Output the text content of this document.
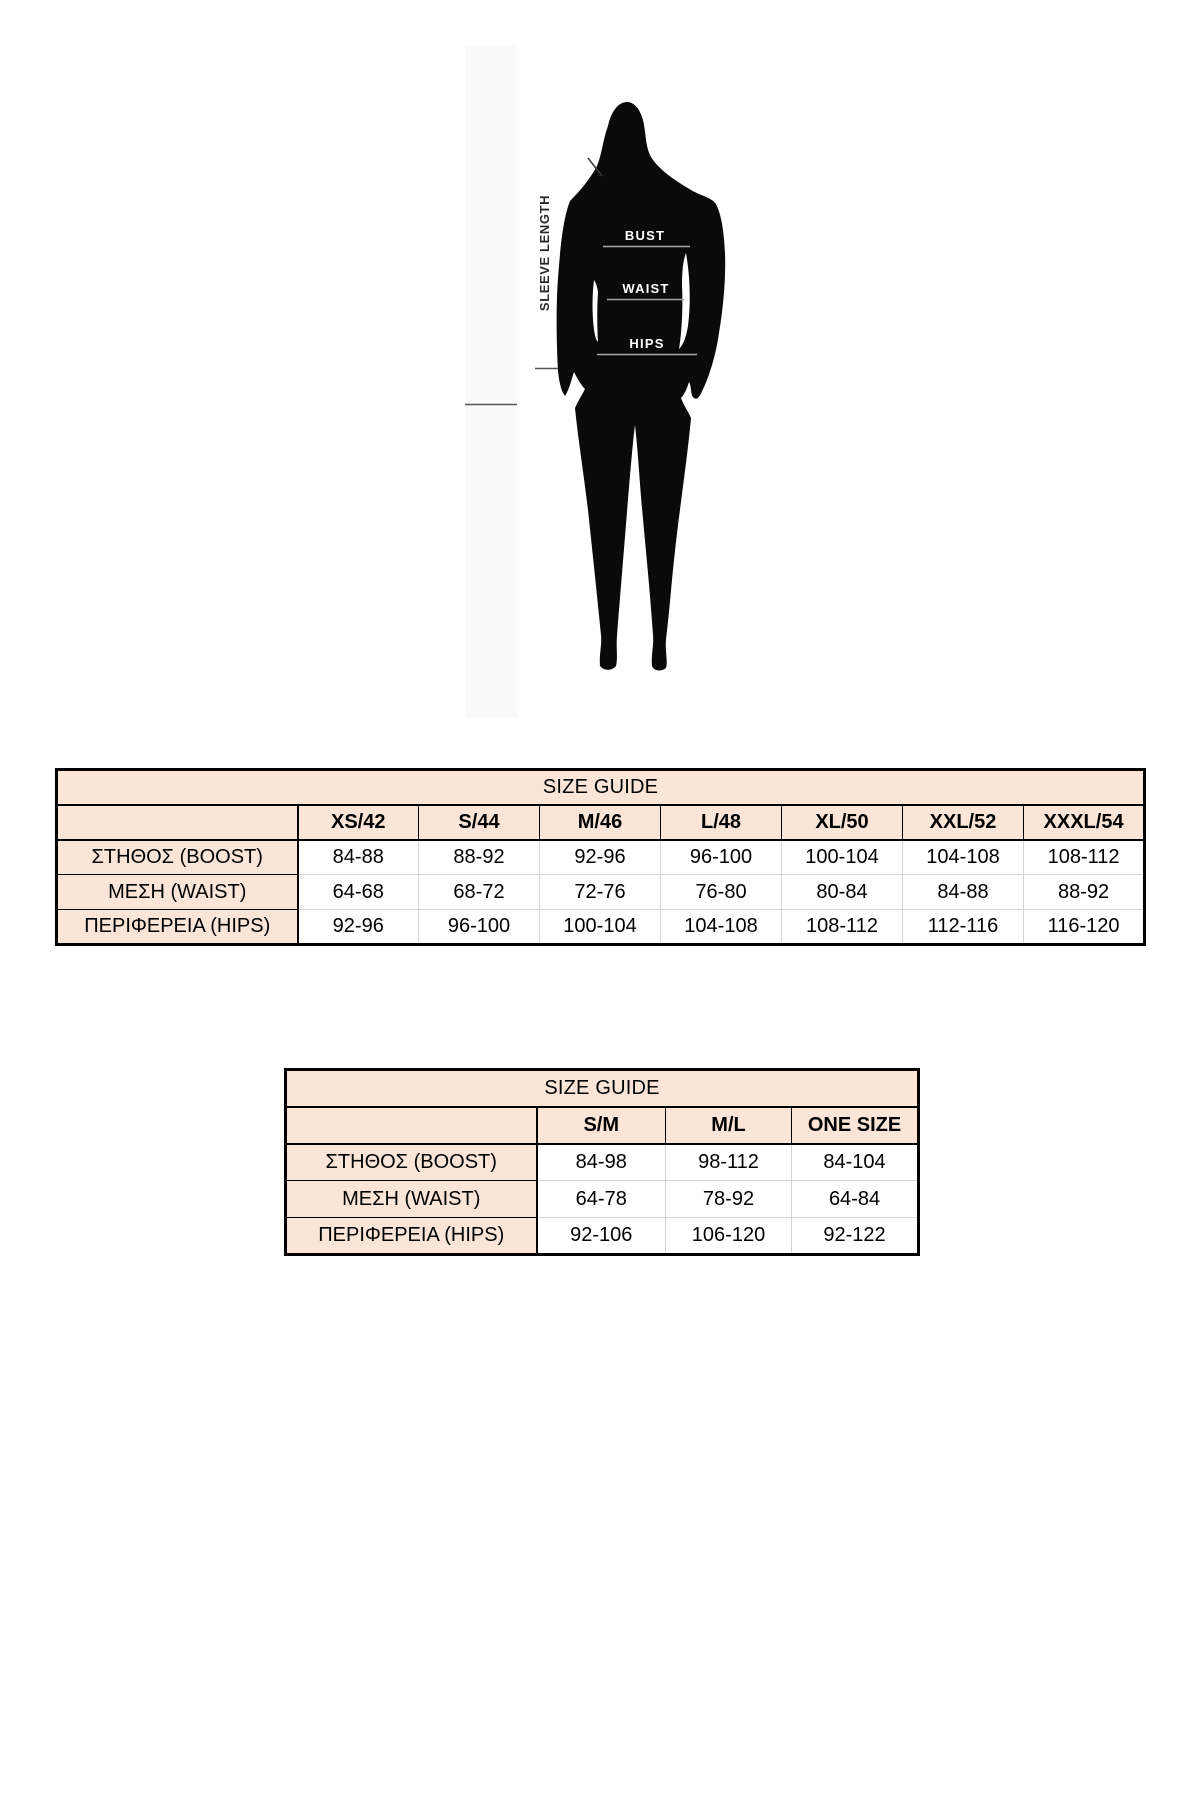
SLEEVE LENGTH	BUST
WAIST
HIPS
SIZE GUIDE							
	XS/42	S/44	M/46	L/48	XL/50	XXL/52	XXXL/54
ΣΤΗΘΟΣ (BOOST)	84-88	88-92	92-96	96-100	100-104	104-108	108-112
ΜΕΣΗ (WAIST)	64-68	68-72	72-76	76-80	80-84	84-88	88-92
ΠΕΡΙΦΕΡΕΙΑ (HIPS)	92-96	96-100	100-104	104-108	108-112	112-116	116-120
SIZE GUIDE			
	S/M	M/L	ONE SIZE
ΣΤΗΘΟΣ (BOOST)	84-98	98-112	84-104
ΜΕΣΗ (WAIST)	64-78	78-92	64-84
ΠΕΡΙΦΕΡΕΙΑ (HIPS)	92-106	106-120	92-122
